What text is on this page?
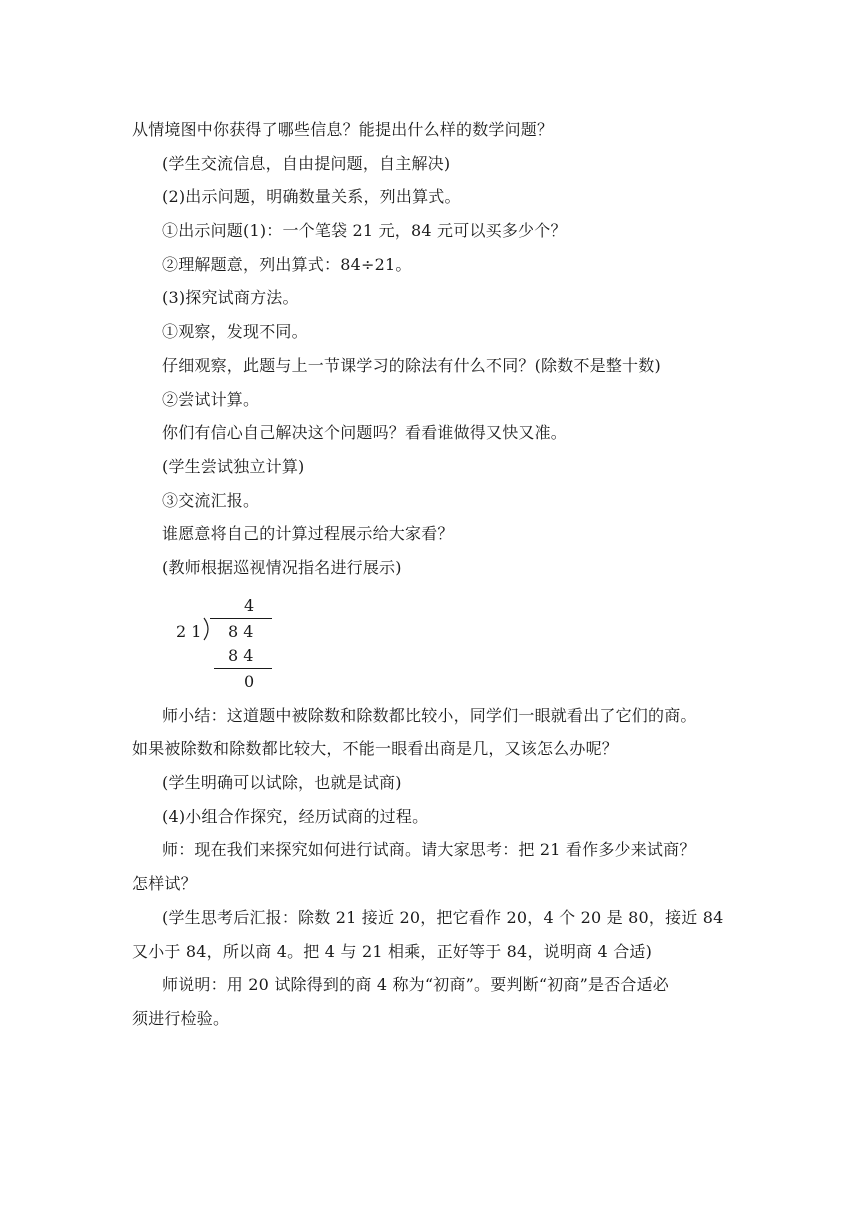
从情境图中你获得了哪些信息？能提出什么样的数学问题？
(学生交流信息，自由提问题，自主解决)
(2)出示问题，明确数量关系，列出算式。
①出示问题(1)：一个笔袋 21 元，84 元可以买多少个？
②理解题意，列出算式：84÷21。
(3)探究试商方法。
①观察，发现不同。
仔细观察，此题与上一节课学习的除法有什么不同？(除数不是整十数)
②尝试计算。
你们有信心自己解决这个问题吗？看看谁做得又快又准。
(学生尝试独立计算)
③交流汇报。
谁愿意将自己的计算过程展示给大家看？
(教师根据巡视情况指名进行展示)
4
2 1 8 4
8 4
0
师小结：这道题中被除数和除数都比较小，同学们一眼就看出了它们的商。
如果被除数和除数都比较大，不能一眼看出商是几，又该怎么办呢？
(学生明确可以试除，也就是试商)
(4)小组合作探究，经历试商的过程。
师：现在我们来探究如何进行试商。请大家思考：把 21 看作多少来试商？
怎样试？
(学生思考后汇报：除数 21 接近 20，把它看作 20，4 个 20 是 80，接近 84
又小于 84，所以商 4。把 4 与 21 相乘，正好等于 84，说明商 4 合适)
师说明：用 20 试除得到的商 4 称为“初商”。要判断“初商”是否合适必
须进行检验。
